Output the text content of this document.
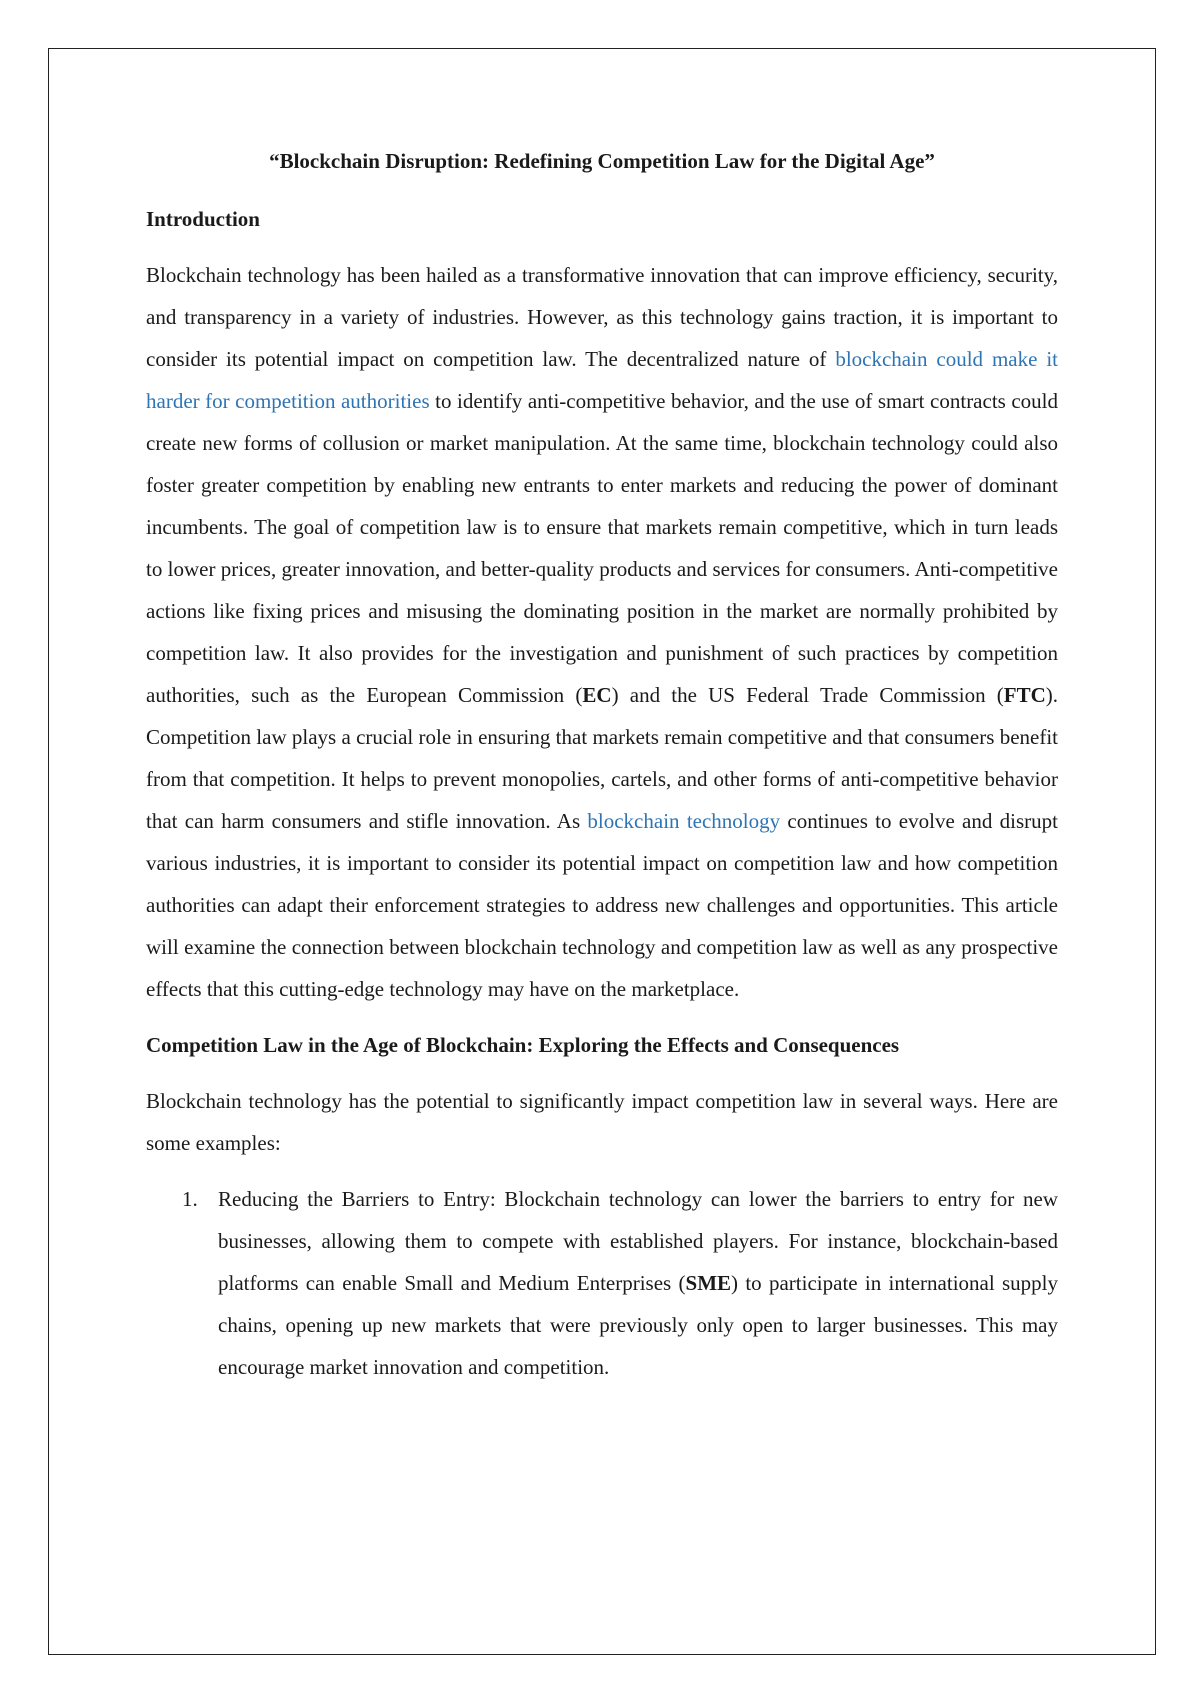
“Blockchain Disruption: Redefining Competition Law for the Digital Age”
Introduction

Blockchain technology has been hailed as a transformative innovation that can improve efficiency, security, and transparency in a variety of industries. However, as this technology gains traction, it is important to consider its potential impact on competition law. The decentralized nature of blockchain could make it harder for competition authorities to identify anti-competitive behavior, and the use of smart contracts could create new forms of collusion or market manipulation. At the same time, blockchain technology could also foster greater competition by enabling new entrants to enter markets and reducing the power of dominant incumbents. The goal of competition law is to ensure that markets remain competitive, which in turn leads to lower prices, greater innovation, and better-quality products and services for consumers. Anti-competitive actions like fixing prices and misusing the dominating position in the market are normally prohibited by competition law. It also provides for the investigation and punishment of such practices by competition authorities, such as the European Commission (EC) and the US Federal Trade Commission (FTC). Competition law plays a crucial role in ensuring that markets remain competitive and that consumers benefit from that competition. It helps to prevent monopolies, cartels, and other forms of anti-competitive behavior that can harm consumers and stifle innovation. As blockchain technology continues to evolve and disrupt various industries, it is important to consider its potential impact on competition law and how competition authorities can adapt their enforcement strategies to address new challenges and opportunities. This article will examine the connection between blockchain technology and competition law as well as any prospective effects that this cutting-edge technology may have on the marketplace.

Competition Law in the Age of Blockchain: Exploring the Effects and Consequences

Blockchain technology has the potential to significantly impact competition law in several ways. Here are some examples:

1. Reducing the Barriers to Entry: Blockchain technology can lower the barriers to entry for new businesses, allowing them to compete with established players. For instance, blockchain-based platforms can enable Small and Medium Enterprises (SME) to participate in international supply chains, opening up new markets that were previously only open to larger businesses. This may encourage market innovation and competition.
